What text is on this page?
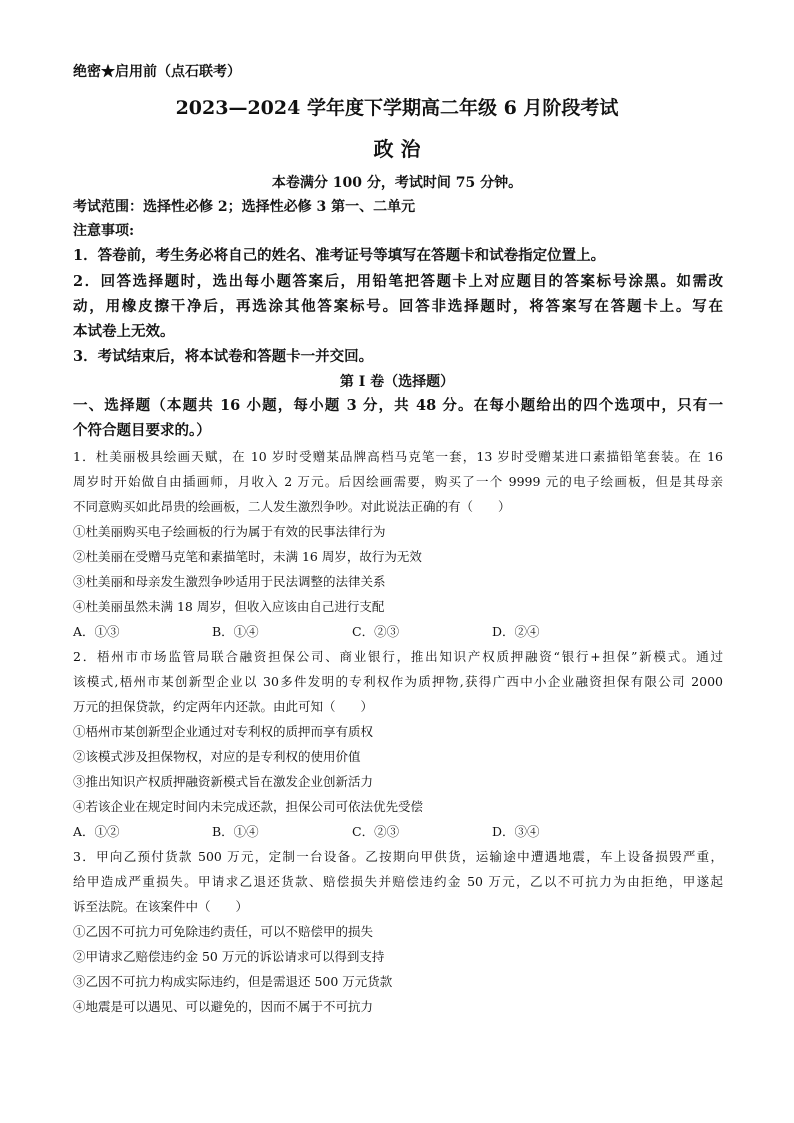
绝密★启用前（点石联考）
2023—2024 学年度下学期高二年级 6 月阶段考试
政 治
本卷满分 100 分，考试时间 75 分钟。
考试范围：选择性必修 2；选择性必修 3 第一、二单元
注意事项:
1．答卷前，考生务必将自己的姓名、准考证号等填写在答题卡和试卷指定位置上。
2．回答选择题时，选出每小题答案后，用铅笔把答题卡上对应题目的答案标号涂黑。如需改
动，用橡皮擦干净后，再选涂其他答案标号。回答非选择题时，将答案写在答题卡上。写在
本试卷上无效。
3．考试结束后，将本试卷和答题卡一并交回。
第 I 卷（选择题）
一、选择题（本题共 16 小题，每小题 3 分，共 48 分。在每小题给出的四个选项中，只有一
个符合题目要求的。）
1．杜美丽极具绘画天赋，在 10 岁时受赠某品牌高档马克笔一套，13 岁时受赠某进口素描铅笔套装。在 16
周岁时开始做自由插画师，月收入 2 万元。后因绘画需要，购买了一个 9999 元的电子绘画板，但是其母亲
不同意购买如此昂贵的绘画板，二人发生激烈争吵。对此说法正确的有（　　）
①杜美丽购买电子绘画板的行为属于有效的民事法律行为
②杜美丽在受赠马克笔和素描笔时，未满 16 周岁，故行为无效
③杜美丽和母亲发生激烈争吵适用于民法调整的法律关系
④杜美丽虽然未满 18 周岁，但收入应该由自己进行支配
A．①③	B．①④	C．②③	D．②④
2．梧州市市场监管局联合融资担保公司、商业银行，推出知识产权质押融资“银行+担保”新模式。通过
该模式,梧州市某创新型企业以 30多件发明的专利权作为质押物,获得广西中小企业融资担保有限公司 2000
万元的担保贷款，约定两年内还款。由此可知（　　）
①梧州市某创新型企业通过对专利权的质押而享有质权
②该模式涉及担保物权，对应的是专利权的使用价值
③推出知识产权质押融资新模式旨在激发企业创新活力
④若该企业在规定时间内未完成还款，担保公司可依法优先受偿
A．①②	B．①④	C．②③	D．③④
3．甲向乙预付货款 500 万元，定制一台设备。乙按期向甲供货，运输途中遭遇地震，车上设备损毁严重，
给甲造成严重损失。甲请求乙退还货款、赔偿损失并赔偿违约金 50 万元，乙以不可抗力为由拒绝，甲遂起
诉至法院。在该案件中（　　）
①乙因不可抗力可免除违约责任，可以不赔偿甲的损失
②甲请求乙赔偿违约金 50 万元的诉讼请求可以得到支持
③乙因不可抗力构成实际违约，但是需退还 500 万元货款
④地震是可以遇见、可以避免的，因而不属于不可抗力
